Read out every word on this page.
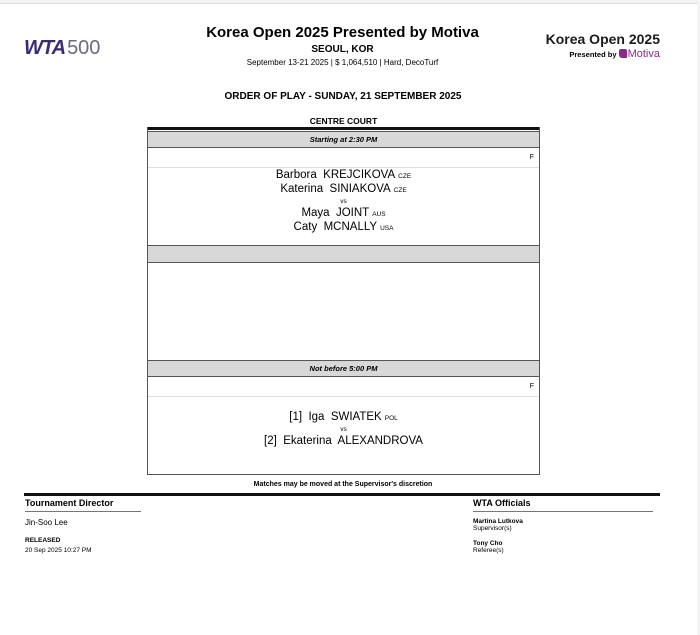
WTA 500
Korea Open 2025 Presented by Motiva
SEOUL, KOR
September 13-21 2025 | $ 1,064,510 | Hard, DecoTurf
Korea Open 2025
Presented by Motiva
ORDER OF PLAY - SUNDAY, 21 SEPTEMBER 2025
CENTRE COURT
Starting at 2:30 PM
F
Barbora KREJCIKOVA CZE
Katerina SINIAKOVA CZE
vs
Maya JOINT AUS
Caty MCNALLY USA
Not before 5:00 PM
F
[1] Iga SWIATEK POL
vs
[2] Ekaterina ALEXANDROVA
Matches may be moved at the Supervisor's discretion
Tournament Director
Jin-Soo Lee
RELEASED
20 Sep 2025 10:27 PM
WTA Officials
Martina Lutkova
Supervisor(s)
Tony Cho
Referee(s)
